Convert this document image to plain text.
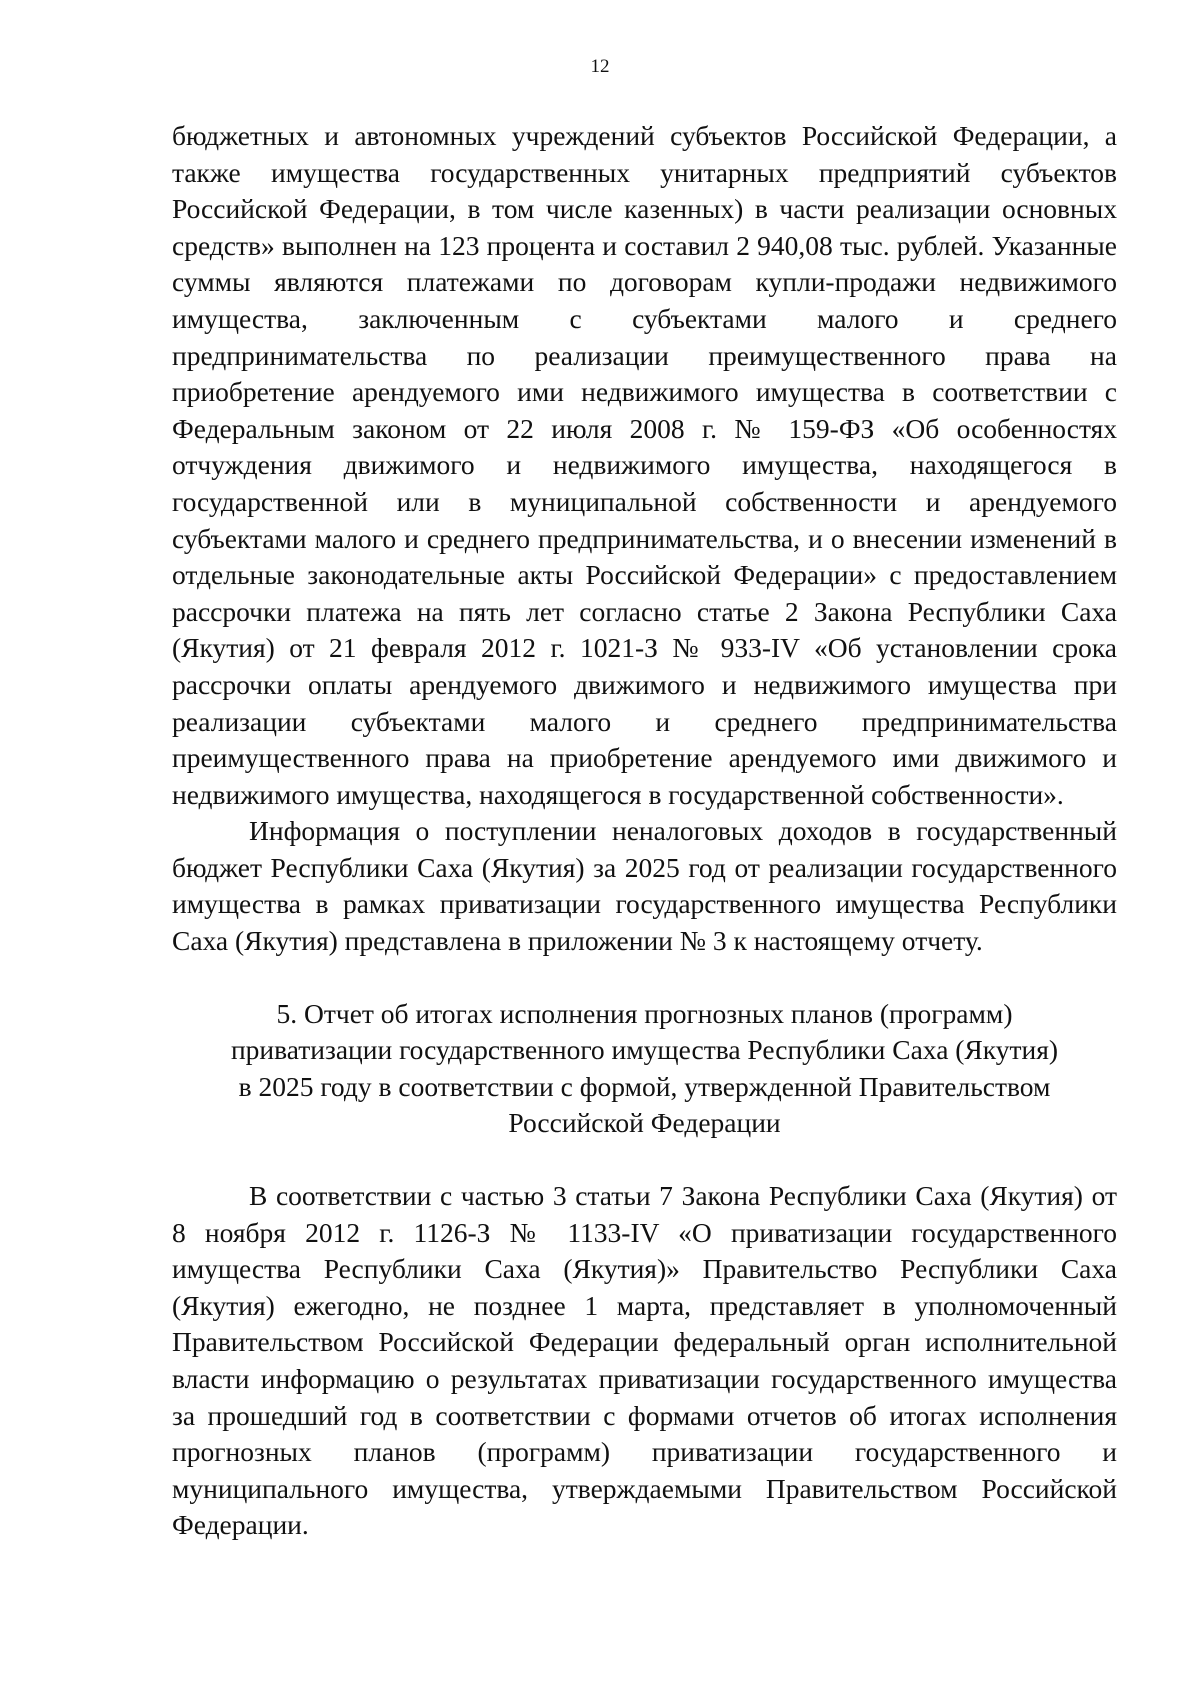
12

бюджетных и автономных учреждений субъектов Российской Федерации, а также имущества государственных унитарных предприятий субъектов Российской Федерации, в том числе казенных) в части реализации основных средств» выполнен на 123 процента и составил 2 940,08 тыс. рублей. Указанные суммы являются платежами по договорам купли-продажи недвижимого имущества, заключенным с субъектами малого и среднего предпринимательства по реализации преимущественного права на приобретение арендуемого ими недвижимого имущества в соответствии с Федеральным законом от 22 июля 2008 г. № 159-ФЗ «Об особенностях отчуждения движимого и недвижимого имущества, находящегося в государственной или в муниципальной собственности и арендуемого субъектами малого и среднего предпринимательства, и о внесении изменений в отдельные законодательные акты Российской Федерации» с предоставлением рассрочки платежа на пять лет согласно статье 2 Закона Республики Саха (Якутия) от 21 февраля 2012 г. 1021-З № 933-IV «Об установлении срока рассрочки оплаты арендуемого движимого и недвижимого имущества при реализации субъектами малого и среднего предпринимательства преимущественного права на приобретение арендуемого ими движимого и недвижимого имущества, находящегося в государственной собственности».

Информация о поступлении неналоговых доходов в государственный бюджет Республики Саха (Якутия) за 2025 год от реализации государственного имущества в рамках приватизации государственного имущества Республики Саха (Якутия) представлена в приложении № 3 к настоящему отчету.

5. Отчет об итогах исполнения прогнозных планов (программ)
приватизации государственного имущества Республики Саха (Якутия)
в 2025 году в соответствии с формой, утвержденной Правительством
Российской Федерации

В соответствии с частью 3 статьи 7 Закона Республики Саха (Якутия) от 8 ноября 2012 г. 1126-З № 1133-IV «О приватизации государственного имущества Республики Саха (Якутия)» Правительство Республики Саха (Якутия) ежегодно, не позднее 1 марта, представляет в уполномоченный Правительством Российской Федерации федеральный орган исполнительной власти информацию о результатах приватизации государственного имущества за прошедший год в соответствии с формами отчетов об итогах исполнения прогнозных планов (программ) приватизации государственного и муниципального имущества, утверждаемыми Правительством Российской Федерации.
